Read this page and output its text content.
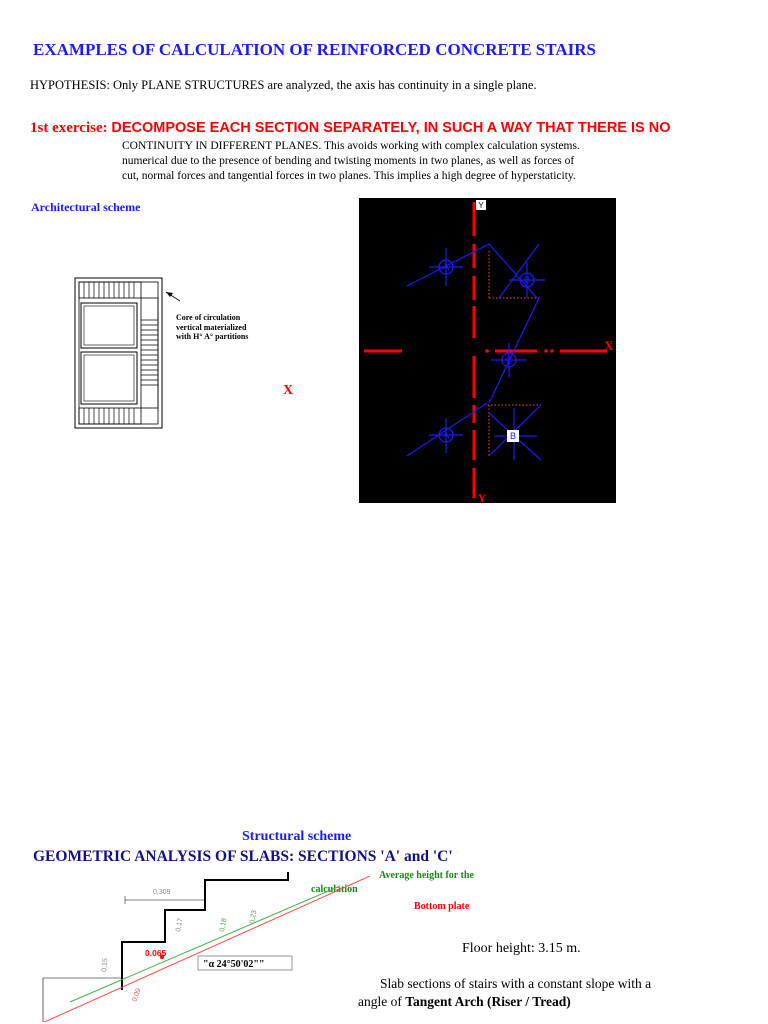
EXAMPLES OF CALCULATION OF REINFORCED CONCRETE STAIRS
HYPOTHESIS: Only PLANE STRUCTURES are analyzed, the axis has continuity in a single plane.
1st exercise: DECOMPOSE EACH SECTION SEPARATELY, IN SUCH A WAY THAT THERE IS NO
CONTINUITY IN DIFFERENT PLANES. This avoids working with complex calculation systems.
numerical due to the presence of bending and twisting moments in two planes, as well as forces of
cut, normal forces and tangential forces in two planes. This implies a high degree of hyperstaticity.
Architectural scheme
Core of circulation vertical materialized with H° A° partitions
X
A
B
C
A	B
Y
Y
X
Structural scheme
GEOMETRIC ANALYSIS OF SLABS: SECTIONS 'A' and 'C'
Average height for the
calculation
Bottom plate
0,309
0,17
0,15
0,09
0,18
0,23
0.065
"α 24°50'02""
Floor height: 3.15 m.
Slab sections of stairs with a constant slope with a
angle of Tangent Arch (Riser / Tread)
